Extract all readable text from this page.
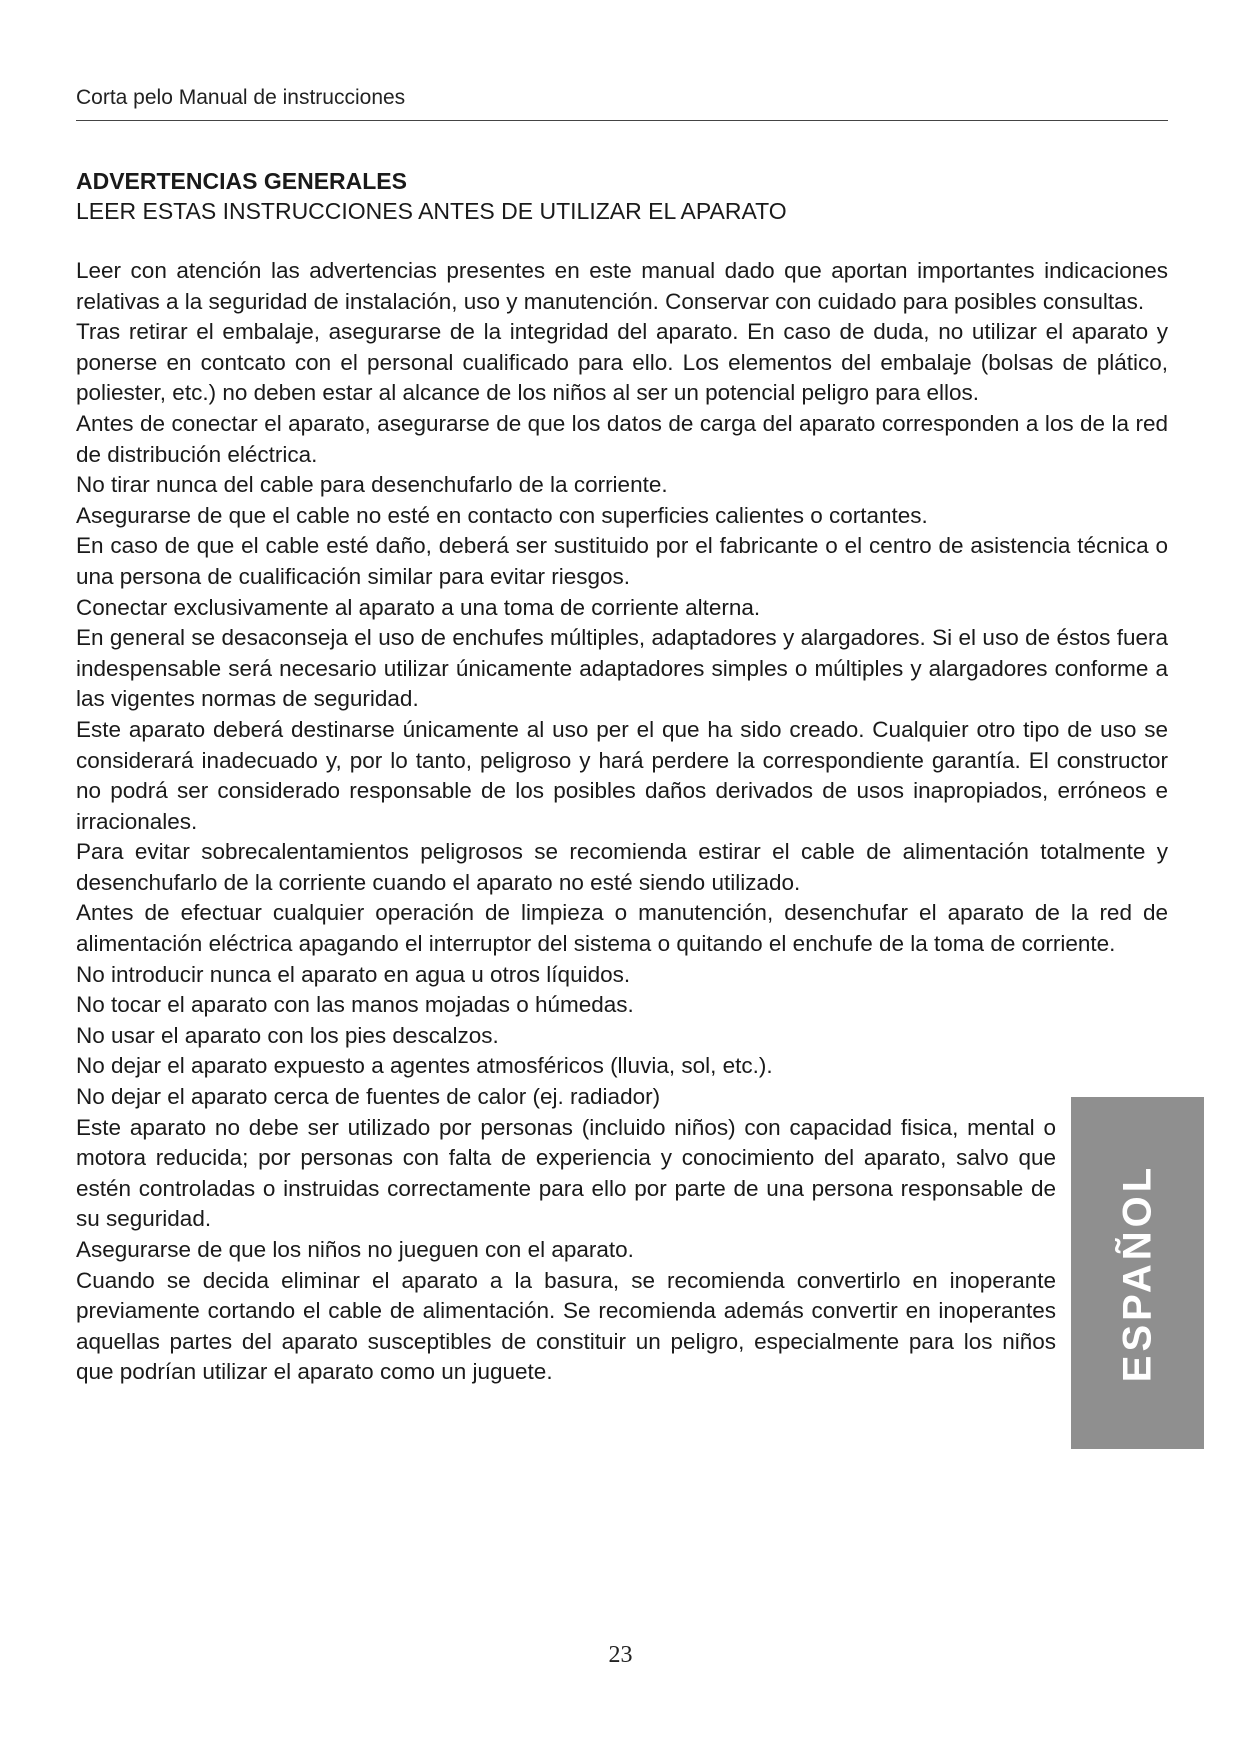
Corta pelo Manual de instrucciones

ADVERTENCIAS GENERALES

LEER ESTAS INSTRUCCIONES ANTES DE UTILIZAR EL APARATO

Leer con atención las advertencias presentes en este manual dado que aportan importantes indicaciones relativas a la seguridad de instalación, uso y manutención. Conservar con cuidado para posibles consultas.

Tras retirar el embalaje, asegurarse de la integridad del aparato. En caso de duda, no utilizar el aparato y ponerse en contcato con el personal cualificado para ello. Los elementos del embalaje (bolsas de plático, poliester, etc.) no deben estar al alcance de los niños al ser un potencial peligro para ellos.

Antes de conectar el aparato, asegurarse de que los datos de carga del aparato corresponden a los de la red de distribución eléctrica.

No tirar nunca del cable para desenchufarlo de la corriente.

Asegurarse de que el cable no esté en contacto con superficies calientes o cortantes.

En caso de que el cable esté daño, deberá ser sustituido por el fabricante o el centro de asistencia técnica o una persona de cualificación similar para evitar riesgos.

Conectar exclusivamente al aparato a una toma de corriente alterna.

En general se desaconseja el uso de enchufes múltiples, adaptadores y alargadores. Si el uso de éstos fuera indespensable será necesario utilizar únicamente adaptadores simples o múltiples y alargadores conforme a las vigentes normas de seguridad.

Este aparato deberá destinarse únicamente al uso per el que ha sido creado. Cualquier otro tipo de uso se considerará inadecuado y, por lo tanto, peligroso y hará perdere la correspondiente garantía. El constructor no podrá ser considerado responsable de los posibles daños derivados de usos inapropiados, erróneos e irracionales.

Para evitar sobrecalentamientos peligrosos se recomienda estirar el cable de alimentación totalmente y desenchufarlo de la corriente cuando el aparato no esté siendo utilizado.

Antes de efectuar cualquier operación de limpieza o manutención, desenchufar el aparato de la red de alimentación eléctrica apagando el interruptor del sistema o quitando el enchufe de la toma de corriente.

No introducir nunca el aparato en agua u otros líquidos.

No tocar el aparato con las manos mojadas o húmedas.

No usar el aparato con los pies descalzos.

No dejar el aparato expuesto a agentes atmosféricos (lluvia, sol, etc.).

No dejar el aparato cerca de fuentes de calor (ej. radiador)

Este aparato no debe ser utilizado por personas (incluido niños) con capacidad fisica, mental o motora reducida; por personas con falta de experiencia y conocimiento del aparato, salvo que estén controladas o instruidas correctamente para ello por parte de una persona responsable de su seguridad.

Asegurarse de que los niños no jueguen con el aparato.

Cuando se decida eliminar el aparato a la basura, se recomienda convertirlo en inoperante previamente cortando el cable de alimentación. Se recomienda además convertir en inoperantes aquellas partes del aparato susceptibles de constituir un peligro, especialmente para los niños que podrían utilizar el aparato como un juguete.	ESPAÑOL
23
